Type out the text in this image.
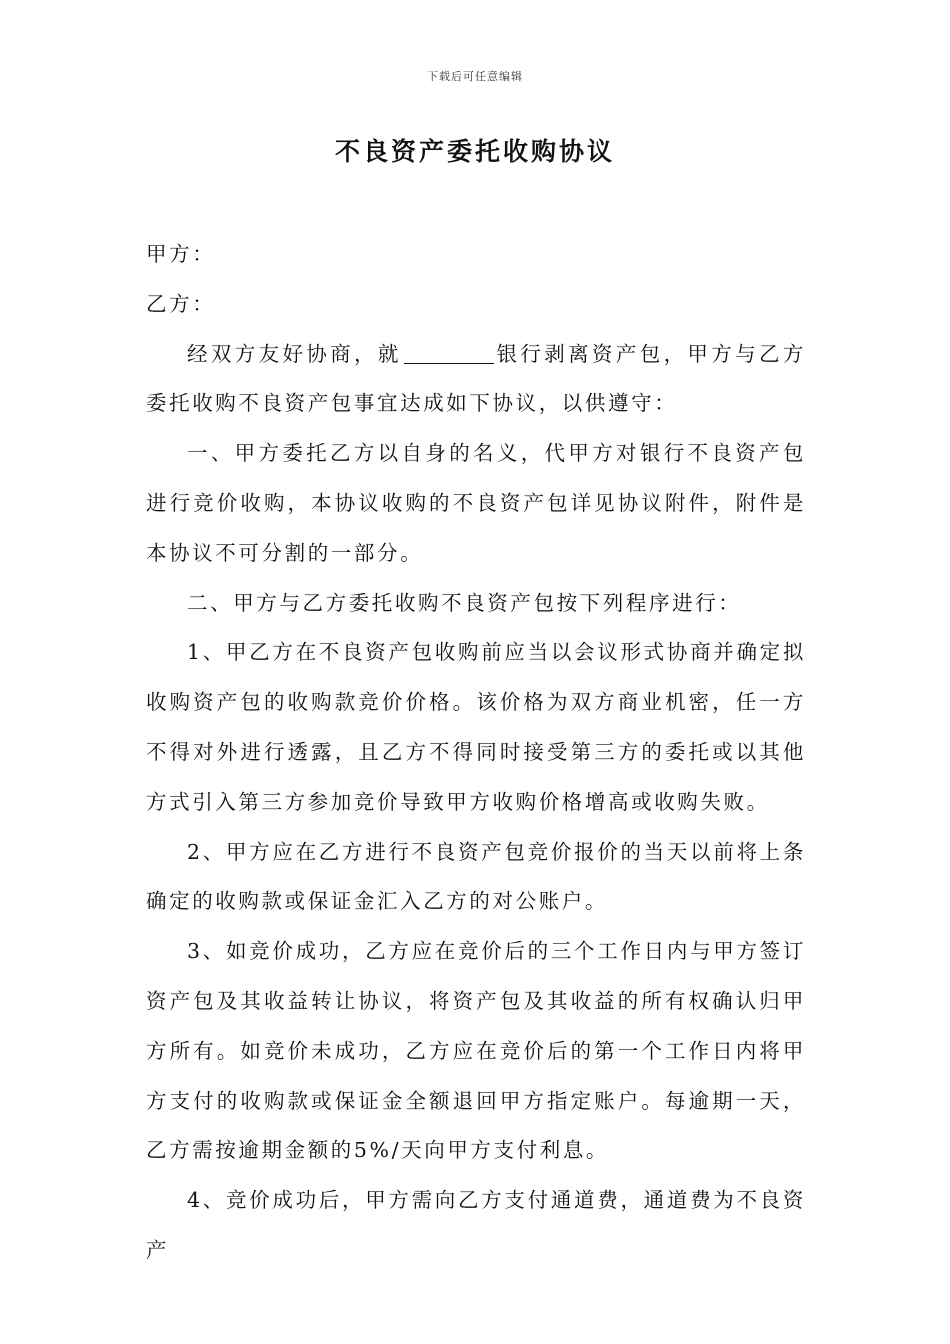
下载后可任意编辑
不良资产委托收购协议

甲方：

乙方：

经双方友好协商，就	银行剥离资产包，甲方与乙方委托收购不良资产包事宜达成如下协议，以供遵守：

一、甲方委托乙方以自身的名义，代甲方对银行不良资产包进行竞价收购，本协议收购的不良资产包详见协议附件，附件是本协议不可分割的一部分。

二、甲方与乙方委托收购不良资产包按下列程序进行：

1、甲乙方在不良资产包收购前应当以会议形式协商并确定拟收购资产包的收购款竞价价格。该价格为双方商业机密，任一方不得对外进行透露，且乙方不得同时接受第三方的委托或以其他方式引入第三方参加竞价导致甲方收购价格增高或收购失败。

2、甲方应在乙方进行不良资产包竞价报价的当天以前将上条确定的收购款或保证金汇入乙方的对公账户。

3、如竞价成功，乙方应在竞价后的三个工作日内与甲方签订资产包及其收益转让协议，将资产包及其收益的所有权确认归甲方所有。如竞价未成功，乙方应在竞价后的第一个工作日内将甲方支付的收购款或保证金全额退回甲方指定账户。每逾期一天，乙方需按逾期金额的5%/天向甲方支付利息。

4、竞价成功后，甲方需向乙方支付通道费，通道费为不良资产
